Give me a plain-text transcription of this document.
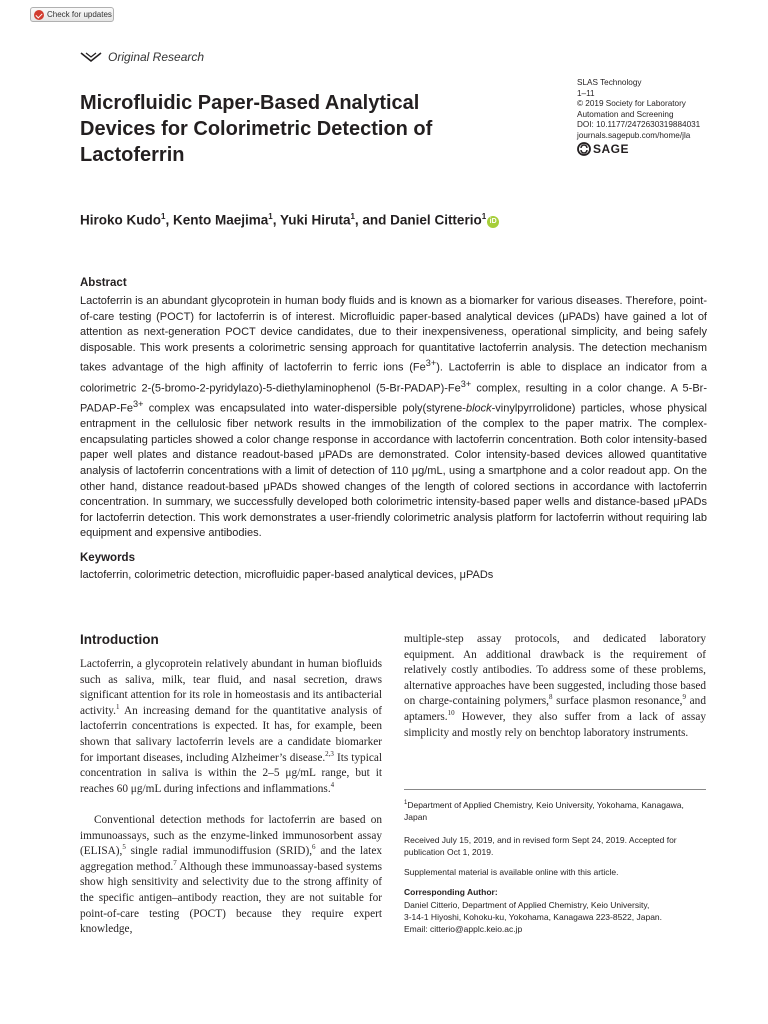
Check for updates
Original Research
Microfluidic Paper-Based Analytical Devices for Colorimetric Detection of Lactoferrin
SLAS Technology
1–11
© 2019 Society for Laboratory
Automation and Screening
DOI: 10.1177/2472630319884031
journals.sagepub.com/home/jla
SAGE
Hiroko Kudo$^1$, Kento Maejima$^1$, Yuki Hiruta$^1$, and Daniel Citterio$^1$ iD
Abstract

Lactoferrin is an abundant glycoprotein in human body fluids and is known as a biomarker for various diseases. Therefore, point-of-care testing (POCT) for lactoferrin is of interest. Microfluidic paper-based analytical devices (μPADs) have gained a lot of attention as next-generation POCT device candidates, due to their inexpensiveness, operational simplicity, and being safely disposable. This work presents a colorimetric sensing approach for quantitative lactoferrin analysis. The detection mechanism takes advantage of the high affinity of lactoferrin to ferric ions $(Fe^{3+})$. Lactoferrin is able to displace an indicator from a colorimetric 2-(5-bromo-2-pyridylazo)-5-diethylaminophenol $(5-Br-PADAP)-Fe^{3+}$ complex, resulting in a color change. A $5-Br-PADAP-Fe^{3+}$ complex was encapsulated into water-dispersible poly(styrene-block-vinylpyrrolidone) particles, whose physical entrapment in the cellulosic fiber network results in the immobilization of the complex to the paper matrix. The complex-encapsulating particles showed a color change response in accordance with lactoferrin concentration. Both color intensity-based paper well plates and distance readout-based μPADs are demonstrated. Color intensity-based devices allowed quantitative analysis of lactoferrin concentrations with a limit of detection of 110 μg/mL, using a smartphone and a color readout app. On the other hand, distance readout-based μPADs showed changes of the length of colored sections in accordance with lactoferrin concentration. In summary, we successfully developed both colorimetric intensity-based paper wells and distance-based μPADs for lactoferrin detection. This work demonstrates a user-friendly colorimetric analysis platform for lactoferrin without requiring lab equipment and expensive antibodies.

Keywords
lactoferrin, colorimetric detection, microfluidic paper-based analytical devices, μPADs
Introduction

Lactoferrin, a glycoprotein relatively abundant in human biofluids such as saliva, milk, tear fluid, and nasal secretion, draws significant attention for its role in homeostasis and its antibacterial activity.$^1$ An increasing demand for the quantitative analysis of lactoferrin concentrations is expected. It has, for example, been shown that salivary lactoferrin levels are a candidate biomarker for important diseases, including Alzheimer’s disease.$^{2,3}$ Its typical concentration in saliva is within the 2–5 μg/mL range, but it reaches 60 μg/mL during infections and inflammations.$^4$

Conventional detection methods for lactoferrin are based on immunoassays, such as the enzyme-linked immunosorbent assay (ELISA),$^5$ single radial immunodiffusion (SRID),$^6$ and the latex aggregation method.$^7$ Although these immunoassay-based systems show high sensitivity and selectivity due to the strong affinity of the specific antigen–antibody reaction, they are not suitable for point-of-care testing (POCT) because they require expert knowledge,

multiple-step assay protocols, and dedicated laboratory equipment. An additional drawback is the requirement of relatively costly antibodies. To address some of these problems, alternative approaches have been suggested, including those based on charge-containing polymers,$^8$ surface plasmon resonance,$^9$ and aptamers.$^{10}$ However, they also suffer from a lack of assay simplicity and mostly rely on benchtop laboratory instruments.

$^1$Department of Applied Chemistry, Keio University, Yokohama, Kanagawa, Japan

Received July 15, 2019, and in revised form Sept 24, 2019. Accepted for publication Oct 1, 2019.

Supplemental material is available online with this article.

Corresponding Author:

Daniel Citterio, Department of Applied Chemistry, Keio University,
3-14-1 Hiyoshi, Kohoku-ku, Yokohama, Kanagawa 223-8522, Japan.
Email: citterio@applc.keio.ac.jp
